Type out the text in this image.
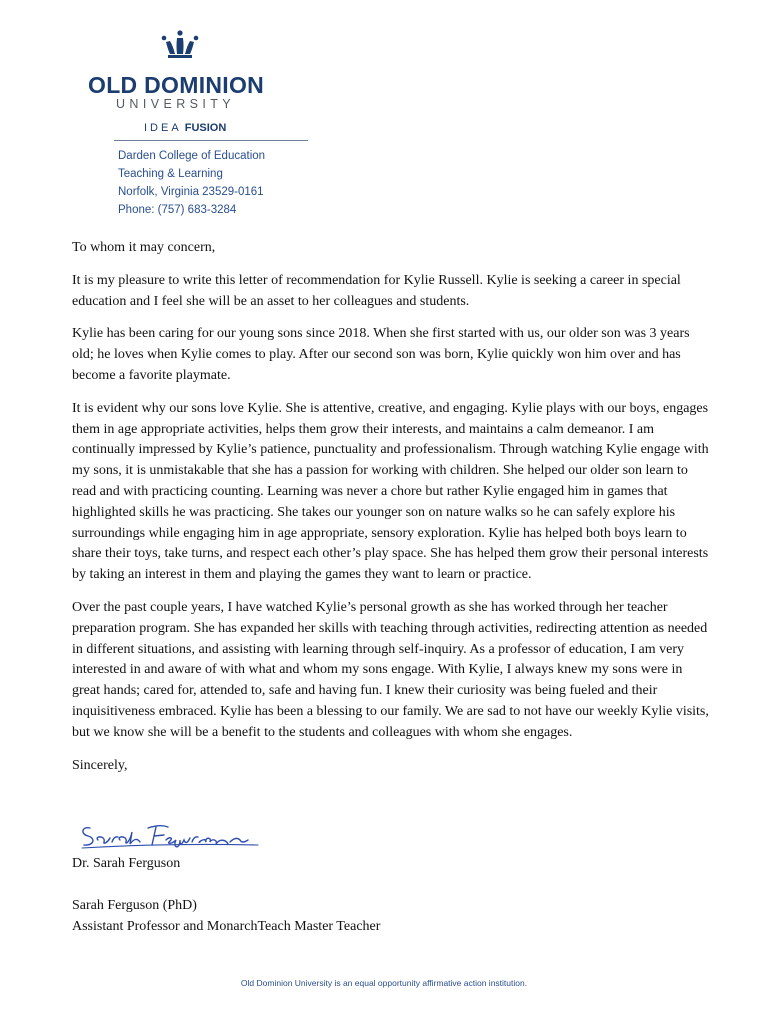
OLD DOMINION
UNIVERSITY
IDEA FUSION
Darden College of Education
Teaching & Learning
Norfolk, Virginia 23529-0161
Phone: (757) 683-3284

To whom it may concern,

It is my pleasure to write this letter of recommendation for Kylie Russell. Kylie is seeking a career in special education and I feel she will be an asset to her colleagues and students.

Kylie has been caring for our young sons since 2018. When she first started with us, our older son was 3 years old; he loves when Kylie comes to play. After our second son was born, Kylie quickly won him over and has become a favorite playmate.

It is evident why our sons love Kylie. She is attentive, creative, and engaging. Kylie plays with our boys, engages them in age appropriate activities, helps them grow their interests, and maintains a calm demeanor. I am continually impressed by Kylie’s patience, punctuality and professionalism. Through watching Kylie engage with my sons, it is unmistakable that she has a passion for working with children. She helped our older son learn to read and with practicing counting. Learning was never a chore but rather Kylie engaged him in games that highlighted skills he was practicing. She takes our younger son on nature walks so he can safely explore his surroundings while engaging him in age appropriate, sensory exploration. Kylie has helped both boys learn to share their toys, take turns, and respect each other’s play space. She has helped them grow their personal interests by taking an interest in them and playing the games they want to learn or practice.

Over the past couple years, I have watched Kylie’s personal growth as she has worked through her teacher preparation program. She has expanded her skills with teaching through activities, redirecting attention as needed in different situations, and assisting with learning through self-inquiry. As a professor of education, I am very interested in and aware of with what and whom my sons engage. With Kylie, I always knew my sons were in great hands; cared for, attended to, safe and having fun. I knew their curiosity was being fueled and their inquisitiveness embraced. Kylie has been a blessing to our family. We are sad to not have our weekly Kylie visits, but we know she will be a benefit to the students and colleagues with whom she engages.

Sincerely,

Dr. Sarah Ferguson
Sarah Ferguson (PhD)
Assistant Professor and MonarchTeach Master Teacher
Old Dominion University is an equal opportunity affirmative action institution.
